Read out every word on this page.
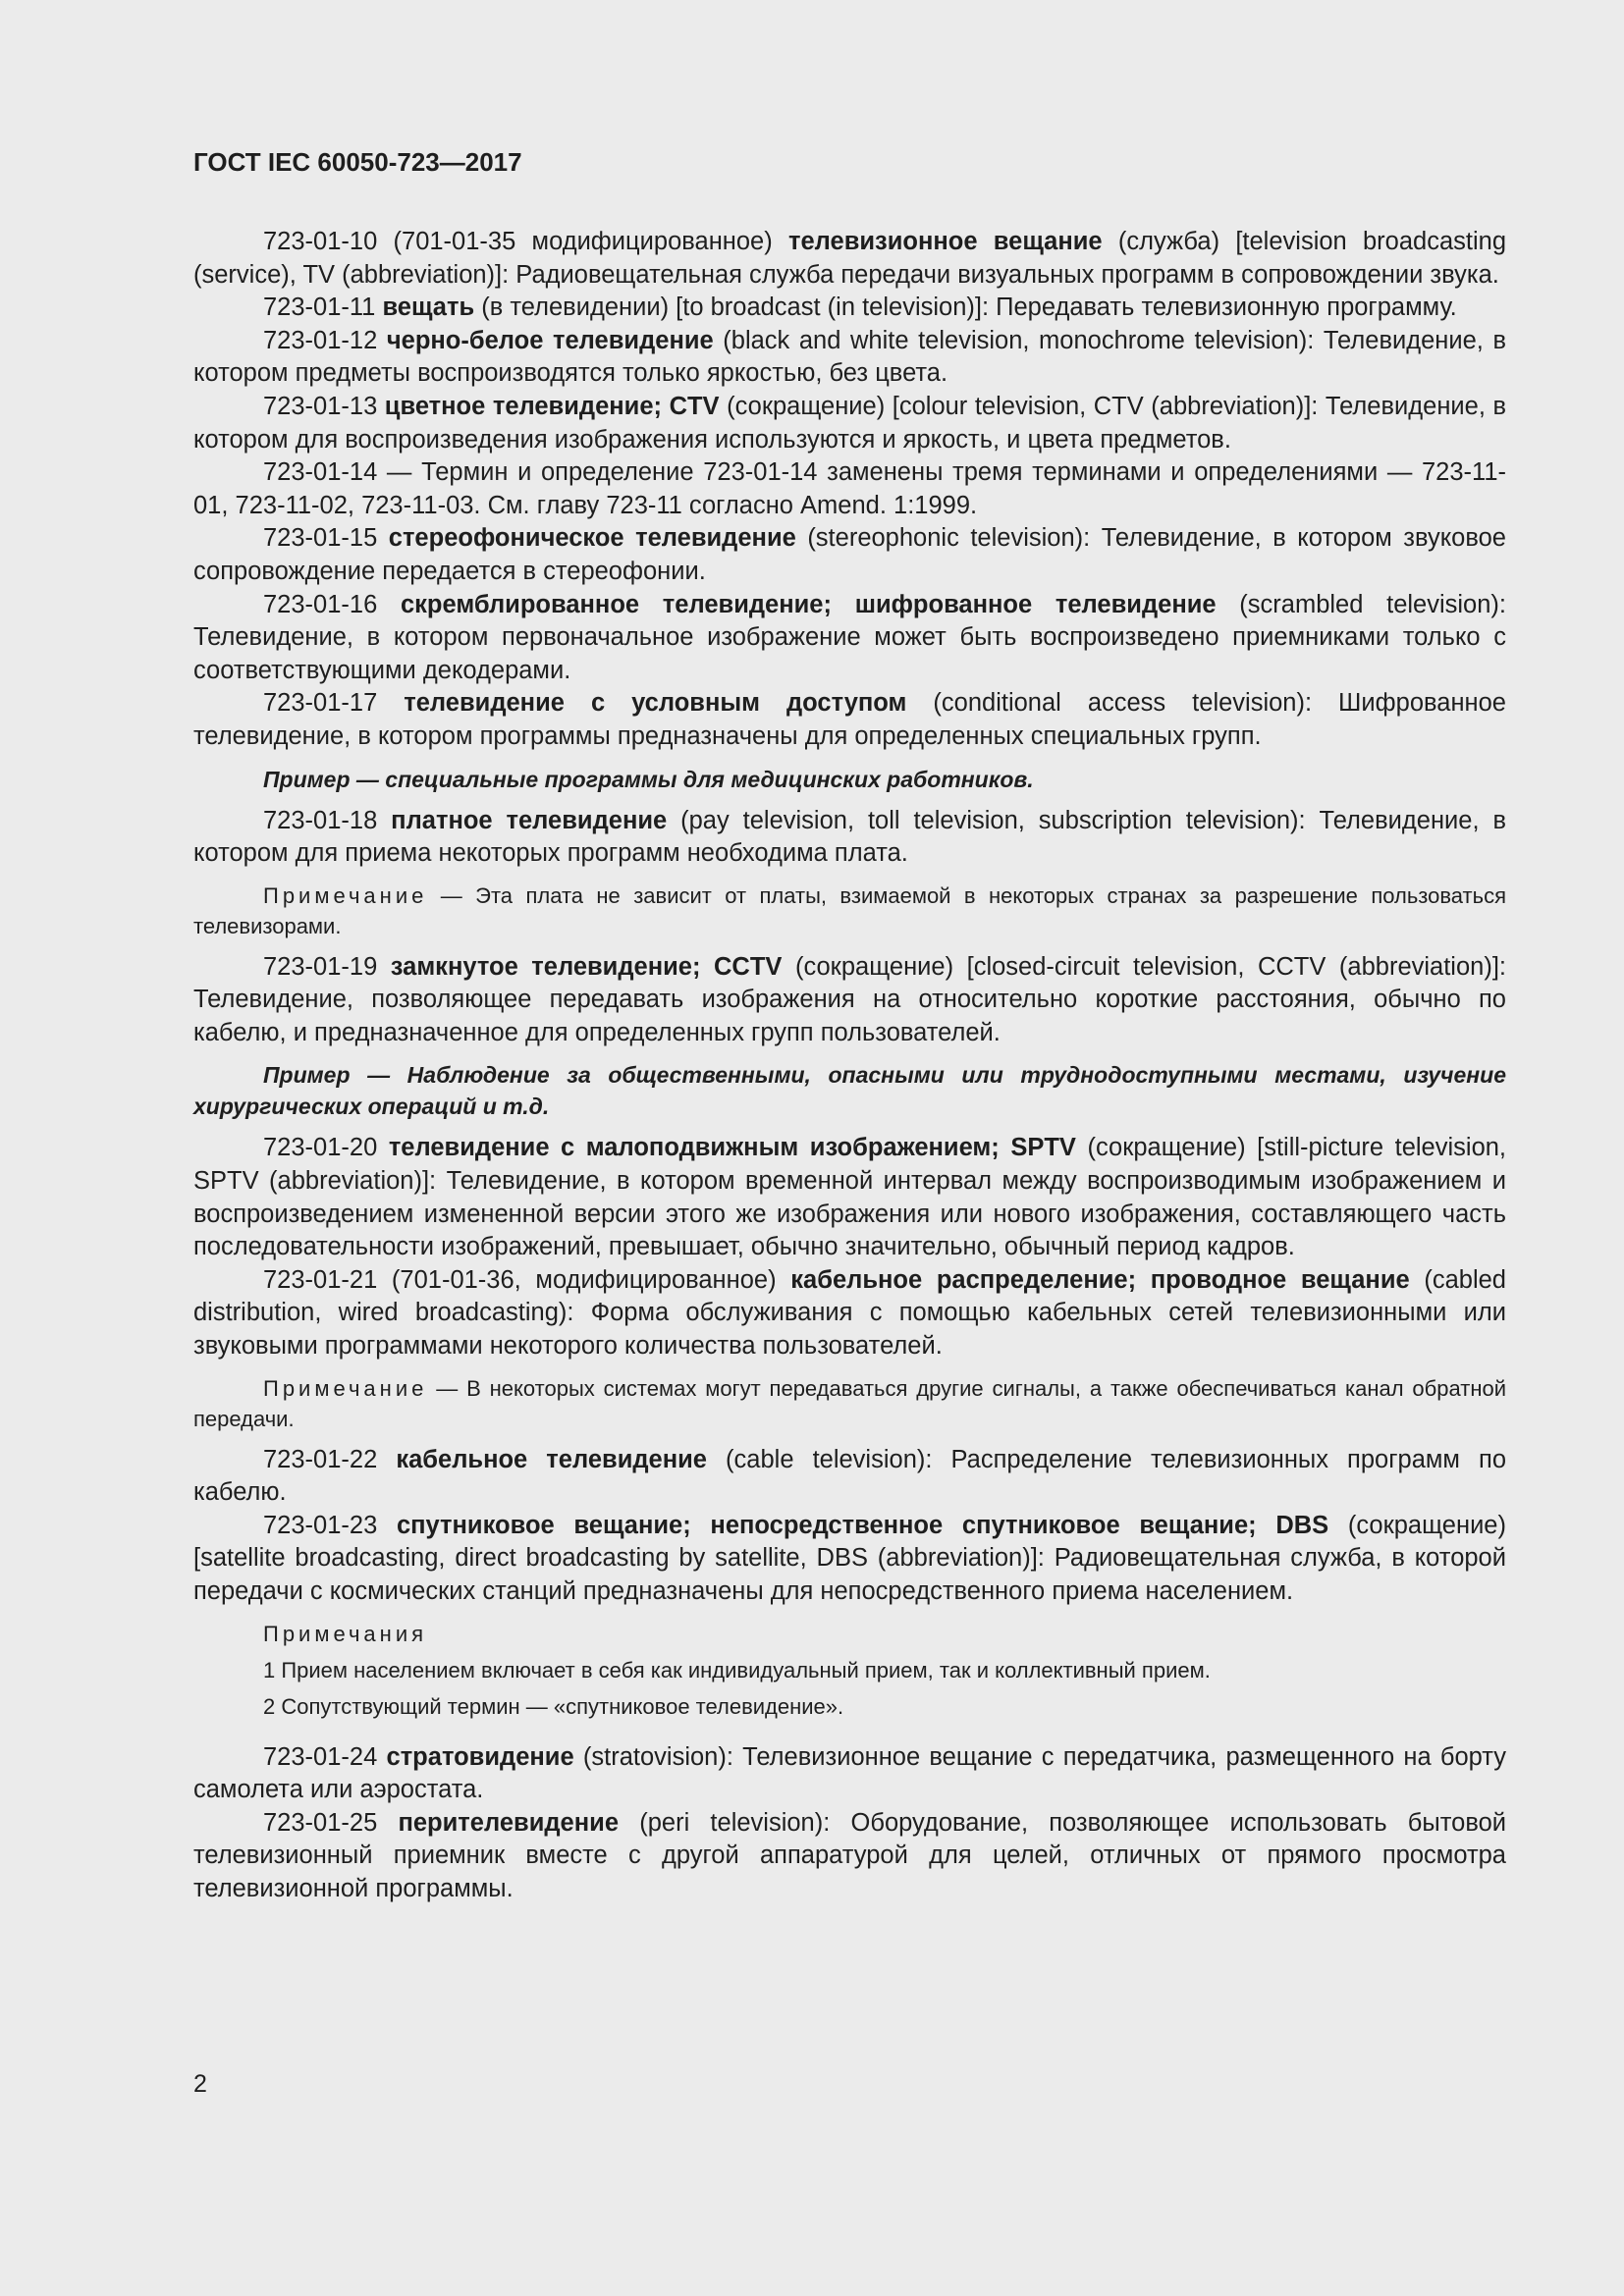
ГОСТ IEC 60050-723—2017

723-01-10 (701-01-35 модифицированное) телевизионное вещание (служба) [television broadcasting (service), TV (abbreviation)]: Радиовещательная служба передачи визуальных программ в сопровождении звука.

723-01-11 вещать (в телевидении) [to broadcast (in television)]: Передавать телевизионную программу.

723-01-12 черно-белое телевидение (black and white television, monochrome television): Телевидение, в котором предметы воспроизводятся только яркостью, без цвета.

723-01-13 цветное телевидение; CTV (сокращение) [colour television, CTV (abbreviation)]: Телевидение, в котором для воспроизведения изображения используются и яркость, и цвета предметов.

723-01-14 — Термин и определение 723-01-14 заменены тремя терминами и определениями — 723-11-01, 723-11-02, 723-11-03. См. главу 723-11 согласно Amend. 1:1999.

723-01-15 стереофоническое телевидение (stereophonic television): Телевидение, в котором звуковое сопровождение передается в стереофонии.

723-01-16 скремблированное телевидение; шифрованное телевидение (scrambled television): Телевидение, в котором первоначальное изображение может быть воспроизведено приемниками только с соответствующими декодерами.

723-01-17 телевидение с условным доступом (conditional access television): Шифрованное телевидение, в котором программы предназначены для определенных специальных групп.

Пример — специальные программы для медицинских работников.

723-01-18 платное телевидение (pay television, toll television, subscription television): Телевидение, в котором для приема некоторых программ необходима плата.

Примечание — Эта плата не зависит от платы, взимаемой в некоторых странах за разрешение пользоваться телевизорами.

723-01-19 замкнутое телевидение; CCTV (сокращение) [closed-circuit television, CCTV (abbreviation)]: Телевидение, позволяющее передавать изображения на относительно короткие расстояния, обычно по кабелю, и предназначенное для определенных групп пользователей.

Пример — Наблюдение за общественными, опасными или труднодоступными местами, изучение хирургических операций и т.д.

723-01-20 телевидение с малоподвижным изображением; SPTV (сокращение) [still-picture television, SPTV (abbreviation)]: Телевидение, в котором временной интервал между воспроизводимым изображением и воспроизведением измененной версии этого же изображения или нового изображения, составляющего часть последовательности изображений, превышает, обычно значительно, обычный период кадров.

723-01-21 (701-01-36, модифицированное) кабельное распределение; проводное вещание (cabled distribution, wired broadcasting): Форма обслуживания с помощью кабельных сетей телевизионными или звуковыми программами некоторого количества пользователей.

Примечание — В некоторых системах могут передаваться другие сигналы, а также обеспечиваться канал обратной передачи.

723-01-22 кабельное телевидение (cable television): Распределение телевизионных программ по кабелю.

723-01-23 спутниковое вещание; непосредственное спутниковое вещание; DBS (сокращение) [satellite broadcasting, direct broadcasting by satellite, DBS (abbreviation)]: Радиовещательная служба, в которой передачи с космических станций предназначены для непосредственного приема населением.

Примечания
1 Прием населением включает в себя как индивидуальный прием, так и коллективный прием.
2 Сопутствующий термин — «спутниковое телевидение».

723-01-24 стратовидение (stratovision): Телевизионное вещание с передатчика, размещенного на борту самолета или аэростата.

723-01-25 перителевидение (peri television): Оборудование, позволяющее использовать бытовой телевизионный приемник вместе с другой аппаратурой для целей, отличных от прямого просмотра телевизионной программы.

2
